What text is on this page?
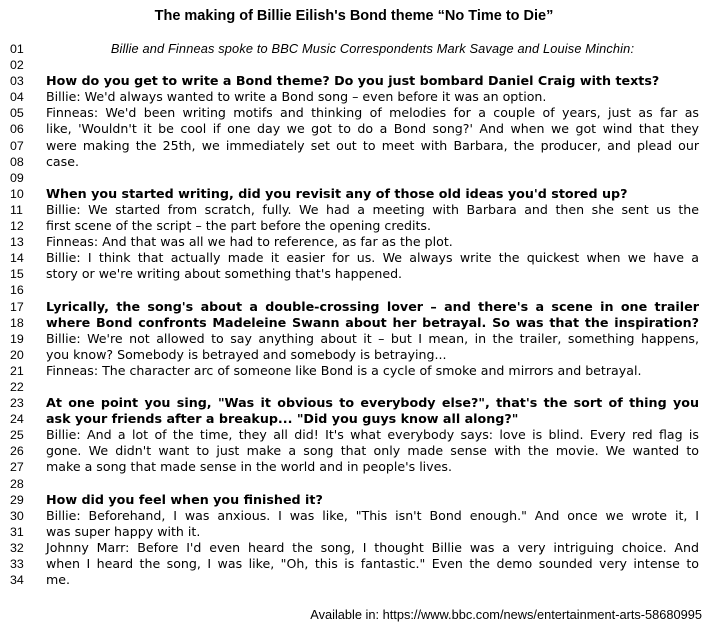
The making of Billie Eilish's Bond theme “No Time to Die”
01	Billie and Finneas spoke to BBC Music Correspondents Mark Savage and Louise Minchin:
02
03	How do you get to write a Bond theme? Do you just bombard Daniel Craig with texts?
04	Billie: We'd always wanted to write a Bond song – even before it was an option.
05	Finneas: We'd been writing motifs and thinking of melodies for a couple of years, just as far as
06	like, 'Wouldn't it be cool if one day we got to do a Bond song?' And when we got wind that they
07	were making the 25th, we immediately set out to meet with Barbara, the producer, and plead our
08	case.
09
10	When you started writing, did you revisit any of those old ideas you'd stored up?
11	Billie: We started from scratch, fully. We had a meeting with Barbara and then she sent us the
12	first scene of the script – the part before the opening credits.
13	Finneas: And that was all we had to reference, as far as the plot.
14	Billie: I think that actually made it easier for us. We always write the quickest when we have a
15	story or we're writing about something that's happened.
16
17	Lyrically, the song's about a double-crossing lover – and there's a scene in one trailer
18	where Bond confronts Madeleine Swann about her betrayal. So was that the inspiration?
19	Billie: We're not allowed to say anything about it – but I mean, in the trailer, something happens,
20	you know? Somebody is betrayed and somebody is betraying...
21	Finneas: The character arc of someone like Bond is a cycle of smoke and mirrors and betrayal.
22
23	At one point you sing, "Was it obvious to everybody else?", that's the sort of thing you
24	ask your friends after a breakup... "Did you guys know all along?"
25	Billie: And a lot of the time, they all did! It's what everybody says: love is blind. Every red flag is
26	gone. We didn't want to just make a song that only made sense with the movie. We wanted to
27	make a song that made sense in the world and in people's lives.
28
29	How did you feel when you finished it?
30	Billie: Beforehand, I was anxious. I was like, "This isn't Bond enough." And once we wrote it, I
31	was super happy with it.
32	Johnny Marr: Before I'd even heard the song, I thought Billie was a very intriguing choice. And
33	when I heard the song, I was like, "Oh, this is fantastic." Even the demo sounded very intense to
34	me.
Available in: https://www.bbc.com/news/entertainment-arts-58680995
